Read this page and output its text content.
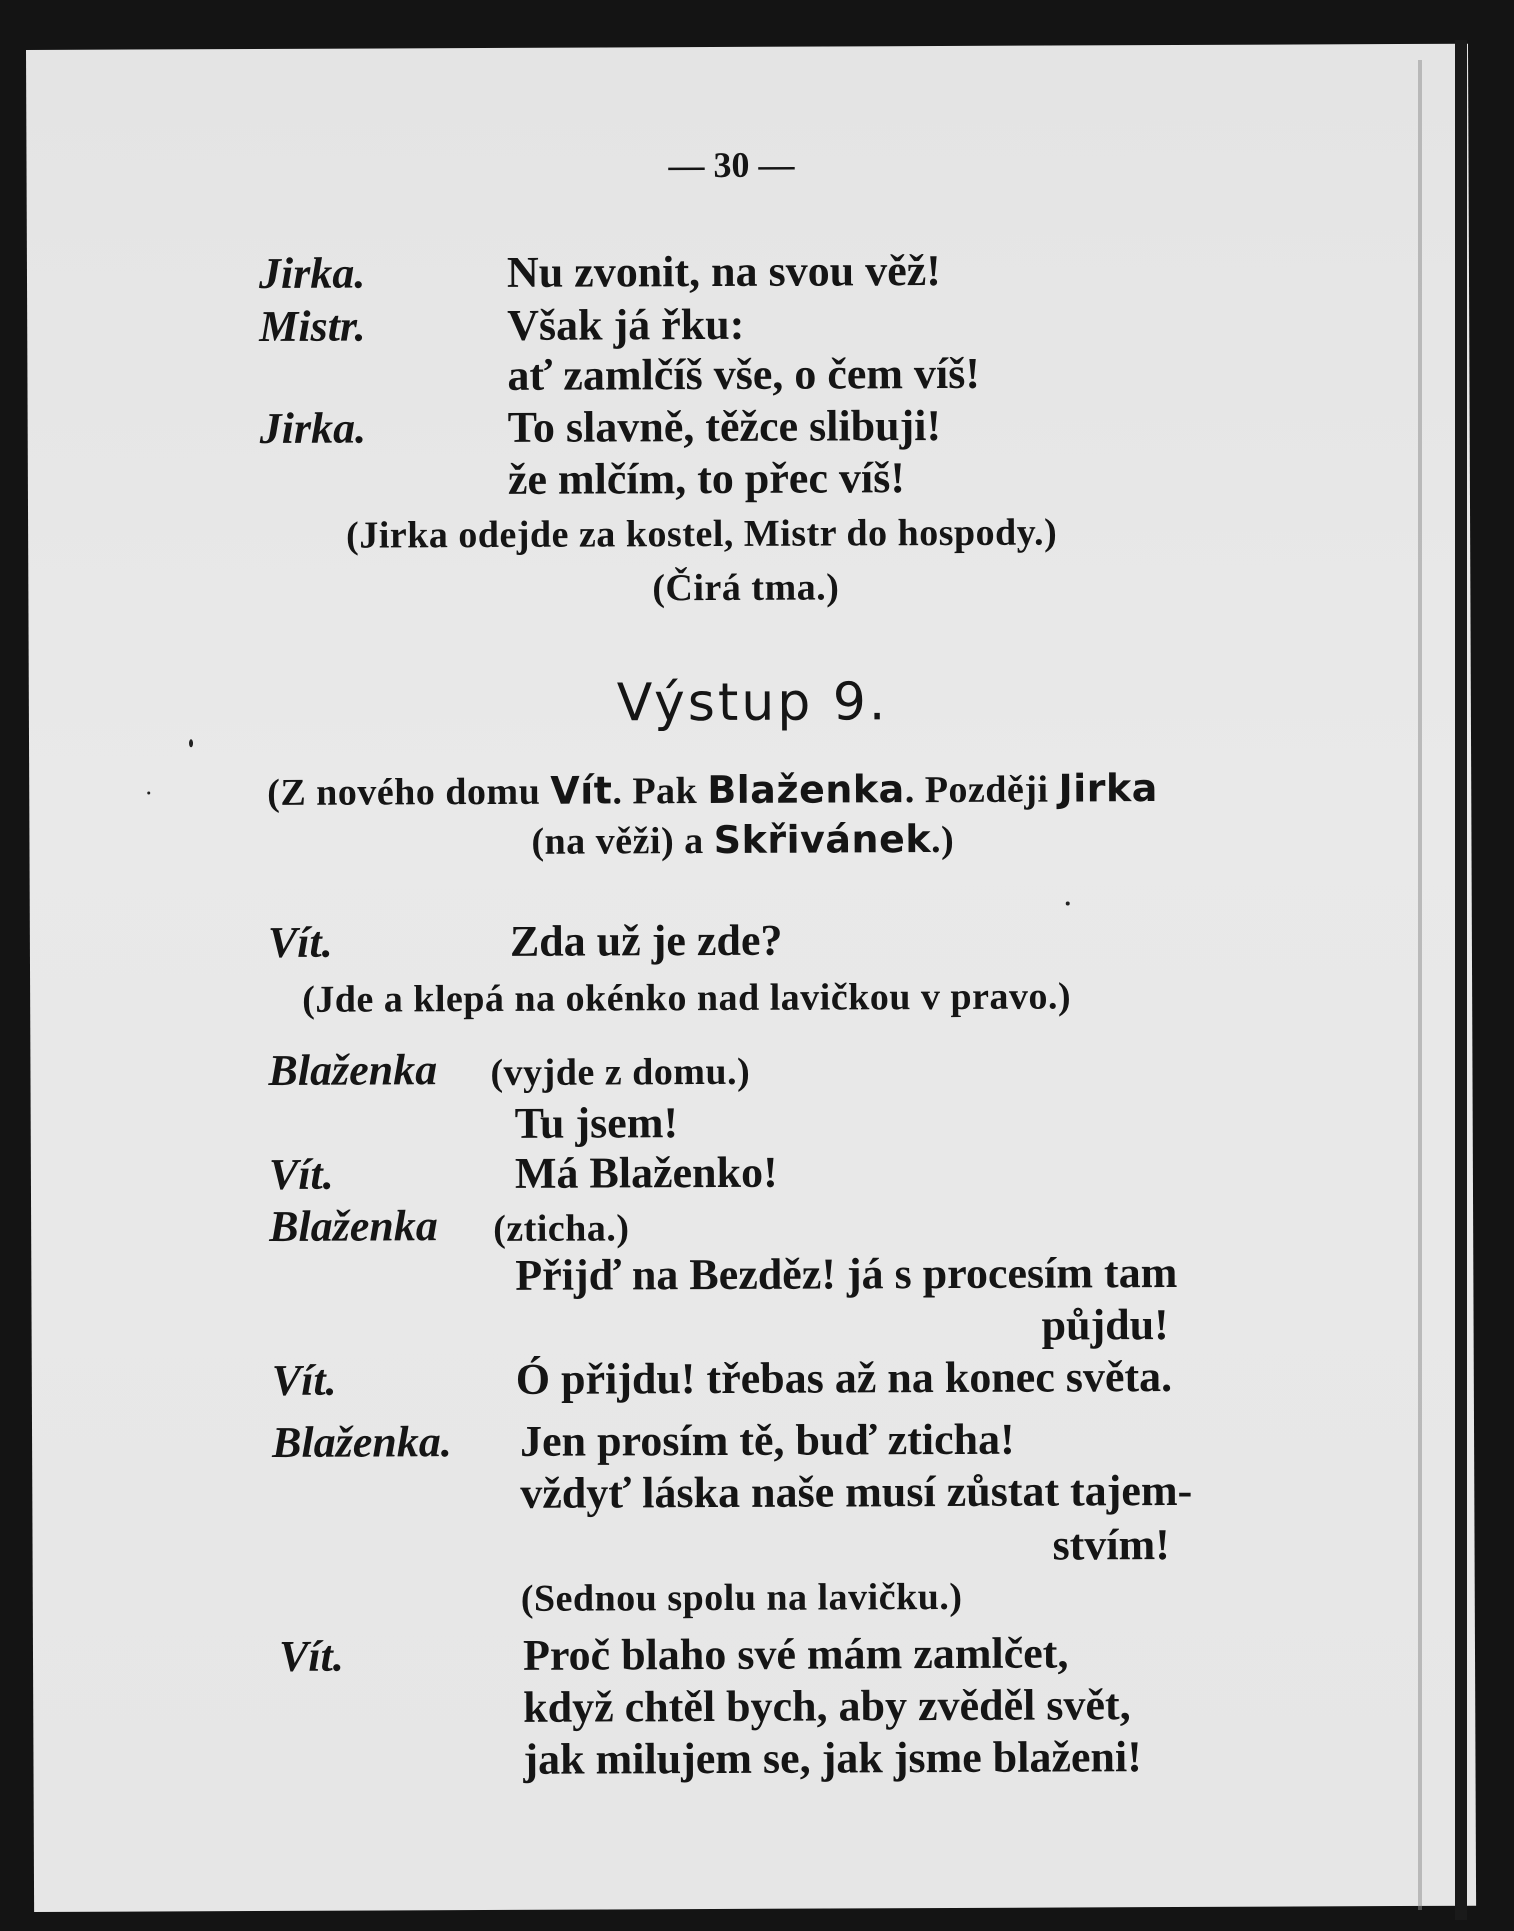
— 30 —
Jirka.	Nu zvonit, na svou věž!
Mistr.	Však já řku:
ať zamlčíš vše, o čem víš!
Jirka.	To slavně, těžce slibuji!
že mlčím, to přec víš!
(Jirka odejde za kostel, Mistr do hospody.)
(Čirá tma.)
Výstup 9.
(Z nového domu Vít. Pak Blaženka. Později Jirka
(na věži) a Skřivánek.)
Vít.	Zda už je zde?
(Jde a klepá na okénko nad lavičkou v pravo.)
Blaženka (vyjde z domu.)
Tu jsem!
Vít.	Má Blaženko!
Blaženka (zticha.)
Přijď na Bezděz! já s procesím tam
půjdu!
Vít.	Ó přijdu! třebas až na konec světa.
Blaženka. Jen prosím tě, buď zticha!
vždyť láska naše musí zůstat tajem-
stvím!
(Sednou spolu na lavičku.)
Vít.	Proč blaho své mám zamlčet,
když chtěl bych, aby zvěděl svět,
jak milujem se, jak jsme blaženi!
